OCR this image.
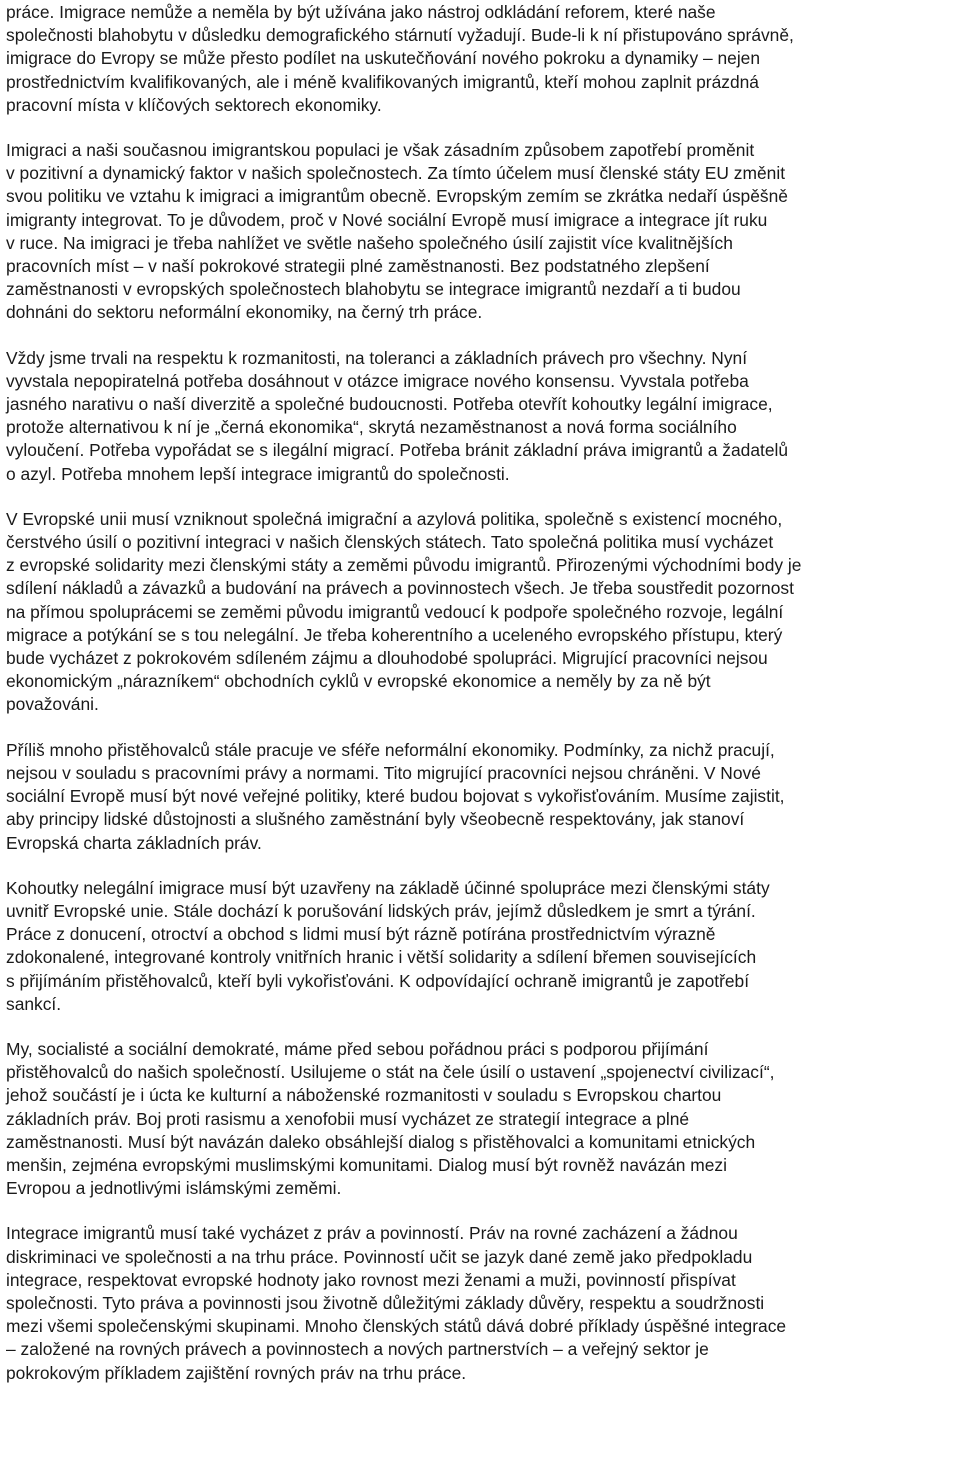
práce. Imigrace nemůže a neměla by být užívána jako nástroj odkládání reforem, které naše
společnosti blahobytu v důsledku demografického stárnutí vyžadují. Bude-li k ní přistupováno správně,
imigrace do Evropy se může přesto podílet na uskutečňování nového pokroku a dynamiky – nejen
prostřednictvím kvalifikovaných, ale i méně kvalifikovaných imigrantů, kteří mohou zaplnit prázdná
pracovní místa v klíčových sektorech ekonomiky.
Imigraci a naši současnou imigrantskou populaci je však zásadním způsobem zapotřebí proměnit
v pozitivní a dynamický faktor v našich společnostech. Za tímto účelem musí členské státy EU změnit
svou politiku ve vztahu k imigraci a imigrantům obecně. Evropským zemím se zkrátka nedaří úspěšně
imigranty integrovat. To je důvodem, proč v Nové sociální Evropě musí imigrace a integrace jít ruku
v ruce. Na imigraci je třeba nahlížet ve světle našeho společného úsilí zajistit více kvalitnějších
pracovních míst – v naší pokrokové strategii plné zaměstnanosti. Bez podstatného zlepšení
zaměstnanosti v evropských společnostech blahobytu se integrace imigrantů nezdaří a ti budou
dohnáni do sektoru neformální ekonomiky, na černý trh práce.
Vždy jsme trvali na respektu k rozmanitosti, na toleranci a základních právech pro všechny. Nyní
vyvstala nepopiratelná potřeba dosáhnout v otázce imigrace nového konsensu. Vyvstala potřeba
jasného narativu o naší diverzitě a společné budoucnosti. Potřeba otevřít kohoutky legální imigrace,
protože alternativou k ní je „černá ekonomika“, skrytá nezaměstnanost a nová forma sociálního
vyloučení. Potřeba vypořádat se s ilegální migrací. Potřeba bránit základní práva imigrantů a žadatelů
o azyl. Potřeba mnohem lepší integrace imigrantů do společnosti.
V Evropské unii musí vzniknout společná imigrační a azylová politika, společně s existencí mocného,
čerstvého úsilí o pozitivní integraci v našich členských státech. Tato společná politika musí vycházet
z evropské solidarity mezi členskými státy a zeměmi původu imigrantů. Přirozenými východními body je
sdílení nákladů a závazků a budování na právech a povinnostech všech. Je třeba soustředit pozornost
na přímou spoluprácemi se zeměmi původu imigrantů vedoucí k podpoře společného rozvoje, legální
migrace a potýkání se s tou nelegální. Je třeba koherentního a uceleného evropského přístupu, který
bude vycházet z pokrokovém sdíleném zájmu a dlouhodobé spolupráci. Migrující pracovníci nejsou
ekonomickým „nárazníkem“ obchodních cyklů v evropské ekonomice a neměly by za ně být
považováni.
Příliš mnoho přistěhovalců stále pracuje ve sféře neformální ekonomiky. Podmínky, za nichž pracují,
nejsou v souladu s pracovními právy a normami. Tito migrující pracovníci nejsou chráněni. V Nové
sociální Evropě musí být nové veřejné politiky, které budou bojovat s vykořisťováním. Musíme zajistit,
aby principy lidské důstojnosti a slušného zaměstnání byly všeobecně respektovány, jak stanoví
Evropská charta základních práv.
Kohoutky nelegální imigrace musí být uzavřeny na základě účinné spolupráce mezi členskými státy
uvnitř Evropské unie. Stále dochází k porušování lidských práv, jejímž důsledkem je smrt a týrání.
Práce z donucení, otroctví a obchod s lidmi musí být rázně potírána prostřednictvím výrazně
zdokonalené, integrované kontroly vnitřních hranic i větší solidarity a sdílení břemen souvisejících
s přijímáním přistěhovalců, kteří byli vykořisťováni. K odpovídající ochraně imigrantů je zapotřebí
sankcí.
My, socialisté a sociální demokraté, máme před sebou pořádnou práci s podporou přijímání
přistěhovalců do našich společností. Usilujeme o stát na čele úsilí o ustavení „spojenectví civilizací“,
jehož součástí je i úcta ke kulturní a náboženské rozmanitosti v souladu s Evropskou chartou
základních práv. Boj proti rasismu a xenofobii musí vycházet ze strategií integrace a plné
zaměstnanosti. Musí být navázán daleko obsáhlejší dialog s přistěhovalci a komunitami etnických
menšin, zejména evropskými muslimskými komunitami. Dialog musí být rovněž navázán mezi
Evropou a jednotlivými islámskými zeměmi.
Integrace imigrantů musí také vycházet z práv a povinností. Práv na rovné zacházení a žádnou
diskriminaci ve společnosti a na trhu práce. Povinností učit se jazyk dané země jako předpokladu
integrace, respektovat evropské hodnoty jako rovnost mezi ženami a muži, povinností přispívat
společnosti. Tyto práva a povinnosti jsou životně důležitými základy důvěry, respektu a soudržnosti
mezi všemi společenskými skupinami. Mnoho členských států dává dobré příklady úspěšné integrace
– založené na rovných právech a povinnostech a nových partnerstvích – a veřejný sektor je
pokrokovým příkladem zajištění rovných práv na trhu práce.
